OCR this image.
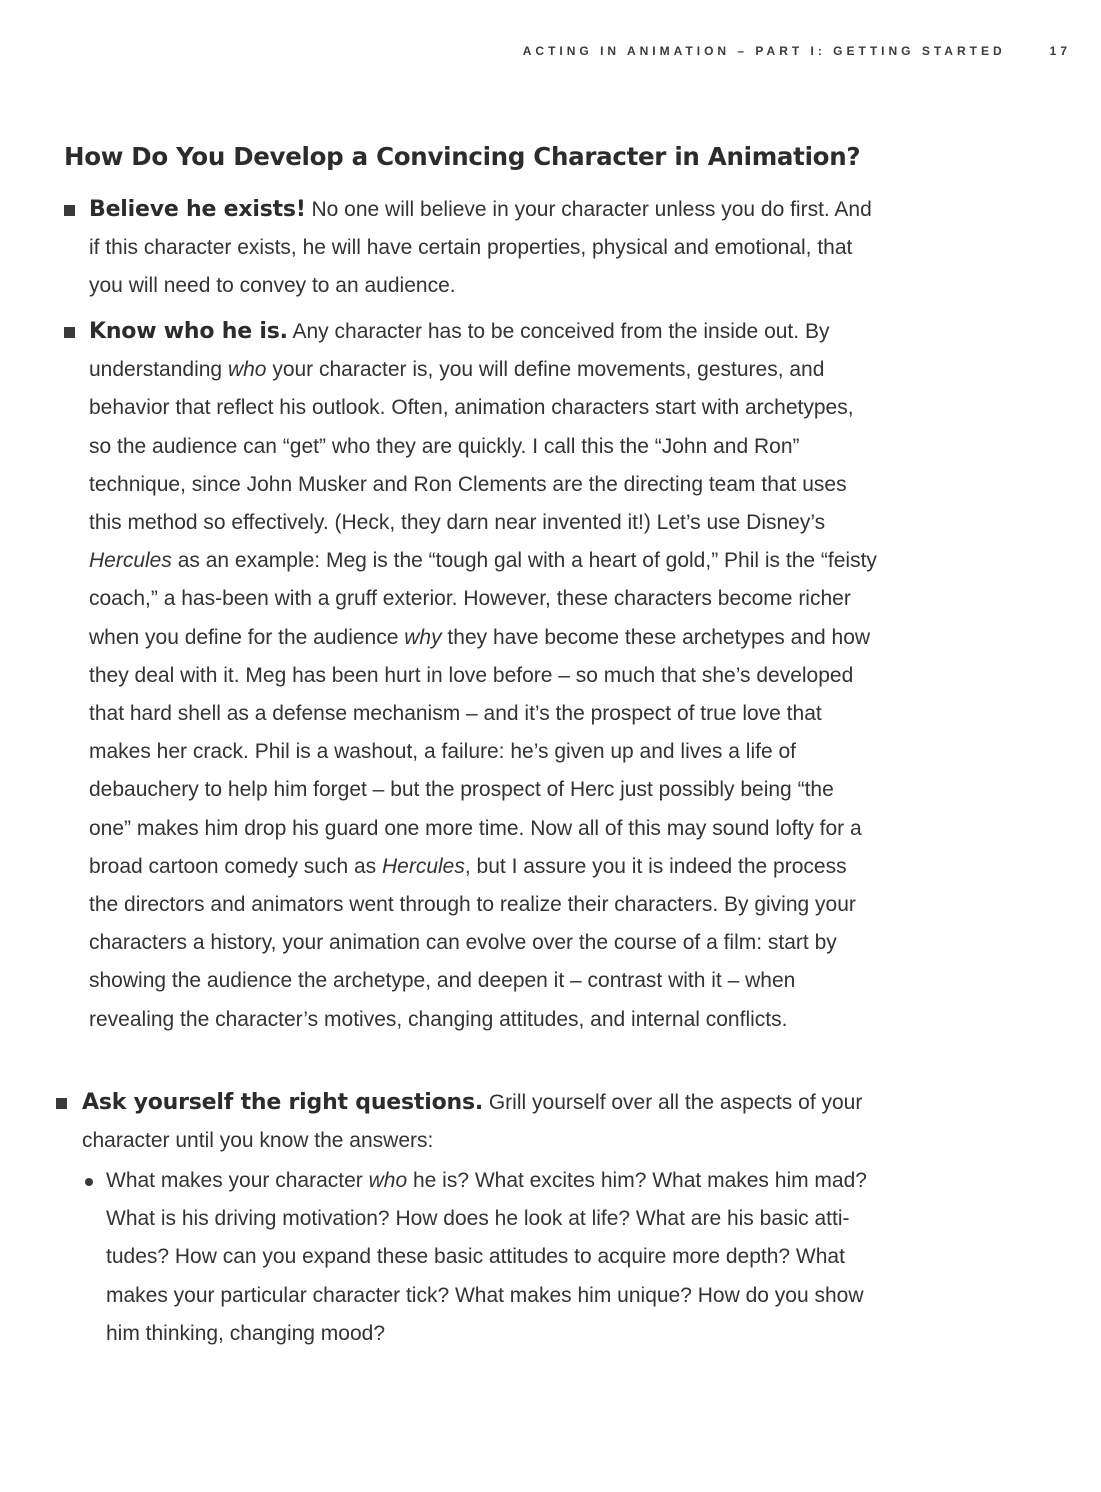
ACTING IN ANIMATION – PART I: GETTING STARTED	17
How Do You Develop a Convincing Character in Animation?
Believe he exists! No one will believe in your character unless you do first. And if this character exists, he will have certain properties, physical and emotional, that you will need to convey to an audience.
Know who he is. Any character has to be conceived from the inside out. By understanding who your character is, you will define movements, gestures, and behavior that reflect his outlook. Often, animation characters start with archetypes, so the audience can “get” who they are quickly. I call this the “John and Ron” technique, since John Musker and Ron Clements are the directing team that uses this method so effectively. (Heck, they darn near invented it!) Let’s use Disney’s Hercules as an example: Meg is the “tough gal with a heart of gold,” Phil is the “feisty coach,” a has-been with a gruff exterior. However, these characters become richer when you define for the audience why they have become these archetypes and how they deal with it. Meg has been hurt in love before – so much that she’s developed that hard shell as a defense mechanism – and it’s the prospect of true love that makes her crack. Phil is a washout, a failure: he’s given up and lives a life of debauchery to help him forget – but the prospect of Herc just possibly being “the one” makes him drop his guard one more time. Now all of this may sound lofty for a broad cartoon comedy such as Hercules, but I assure you it is indeed the process the directors and animators went through to realize their characters. By giving your characters a history, your animation can evolve over the course of a film: start by showing the audience the archetype, and deepen it – contrast with it – when revealing the character’s motives, changing attitudes, and internal conflicts.
Ask yourself the right questions. Grill yourself over all the aspects of your character until you know the answers:
What makes your character who he is? What excites him? What makes him mad? What is his driving motivation? How does he look at life? What are his basic attitudes? How can you expand these basic attitudes to acquire more depth? What makes your particular character tick? What makes him unique? How do you show him thinking, changing mood?
